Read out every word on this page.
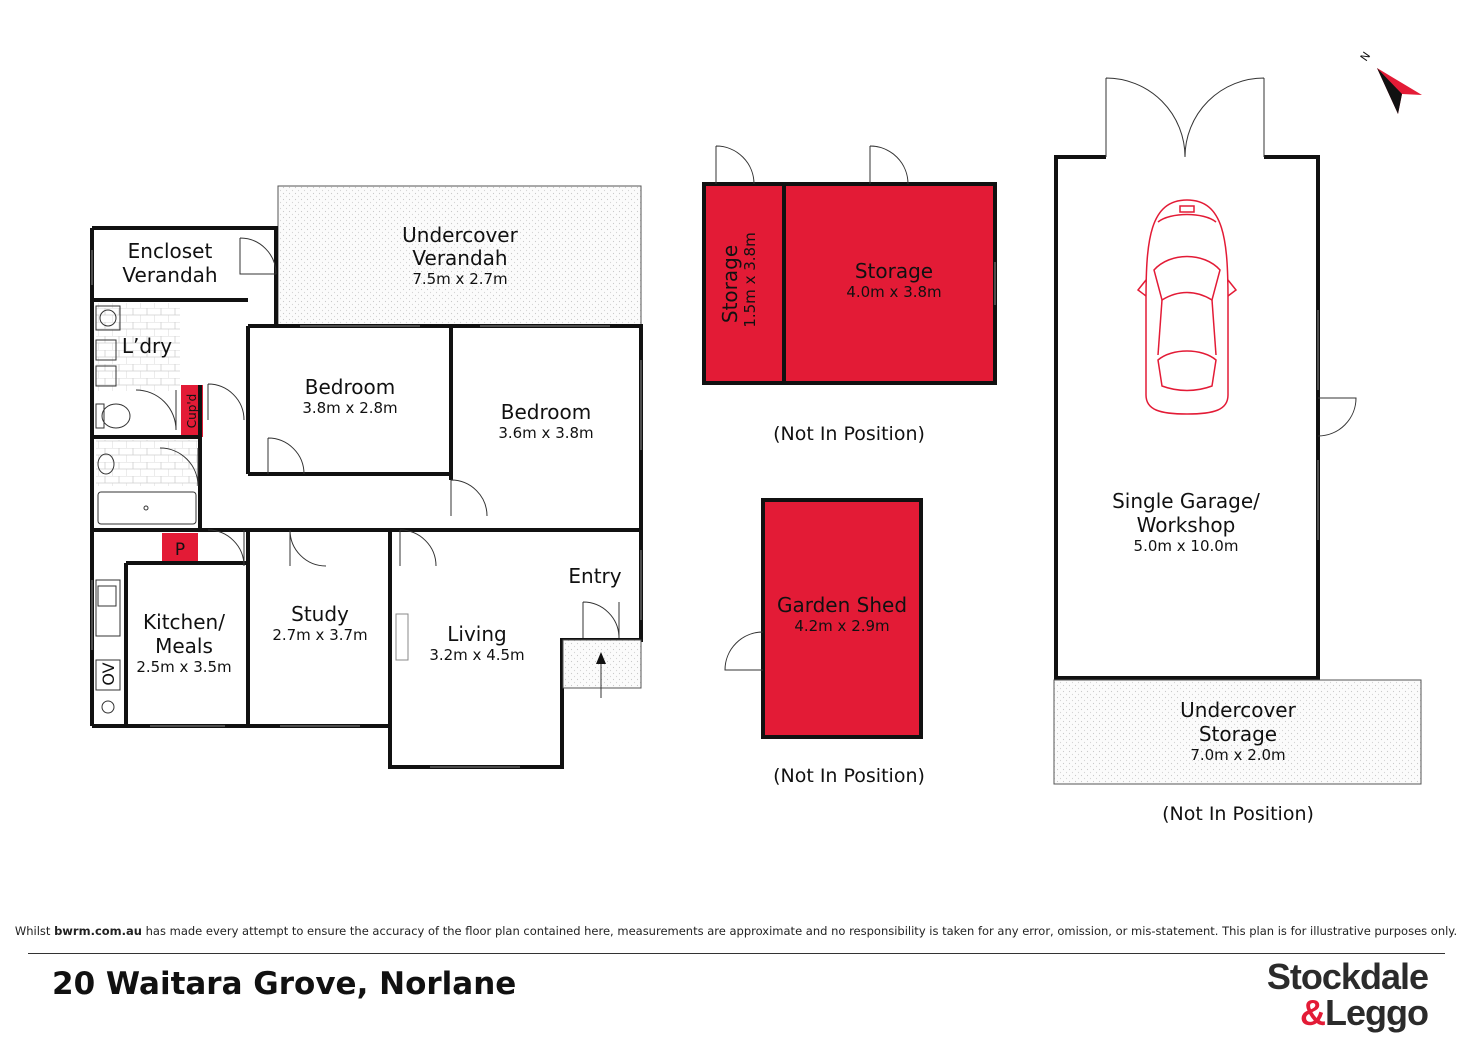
Encloset
Verandah
Undercover
Verandah
7.5m x 2.7m
L’dry
Cup'd
Bedroom
3.8m x 2.8m	Bedroom
3.6m x 3.8m
P
Kitchen/
Meals
2.5m x 3.5m
OV
Study
2.7m x 3.7m	Living
3.2m x 4.5m
Entry
Storage 1.5m x 3.8m	Storage
4.0m x 3.8m
(Not In Position)
Garden Shed
4.2m x 2.9m
(Not In Position)
Single Garage/
Workshop
5.0m x 10.0m
Undercover
Storage
7.0m x 2.0m
(Not In Position)
N
Whilst bwrm.com.au has made every attempt to ensure the accuracy of the floor plan contained here, measurements are approximate and no responsibility is taken for any error, omission, or mis-statement. This plan is for illustrative purposes only.
20 Waitara Grove, Norlane	Stockdale
&Leggo
